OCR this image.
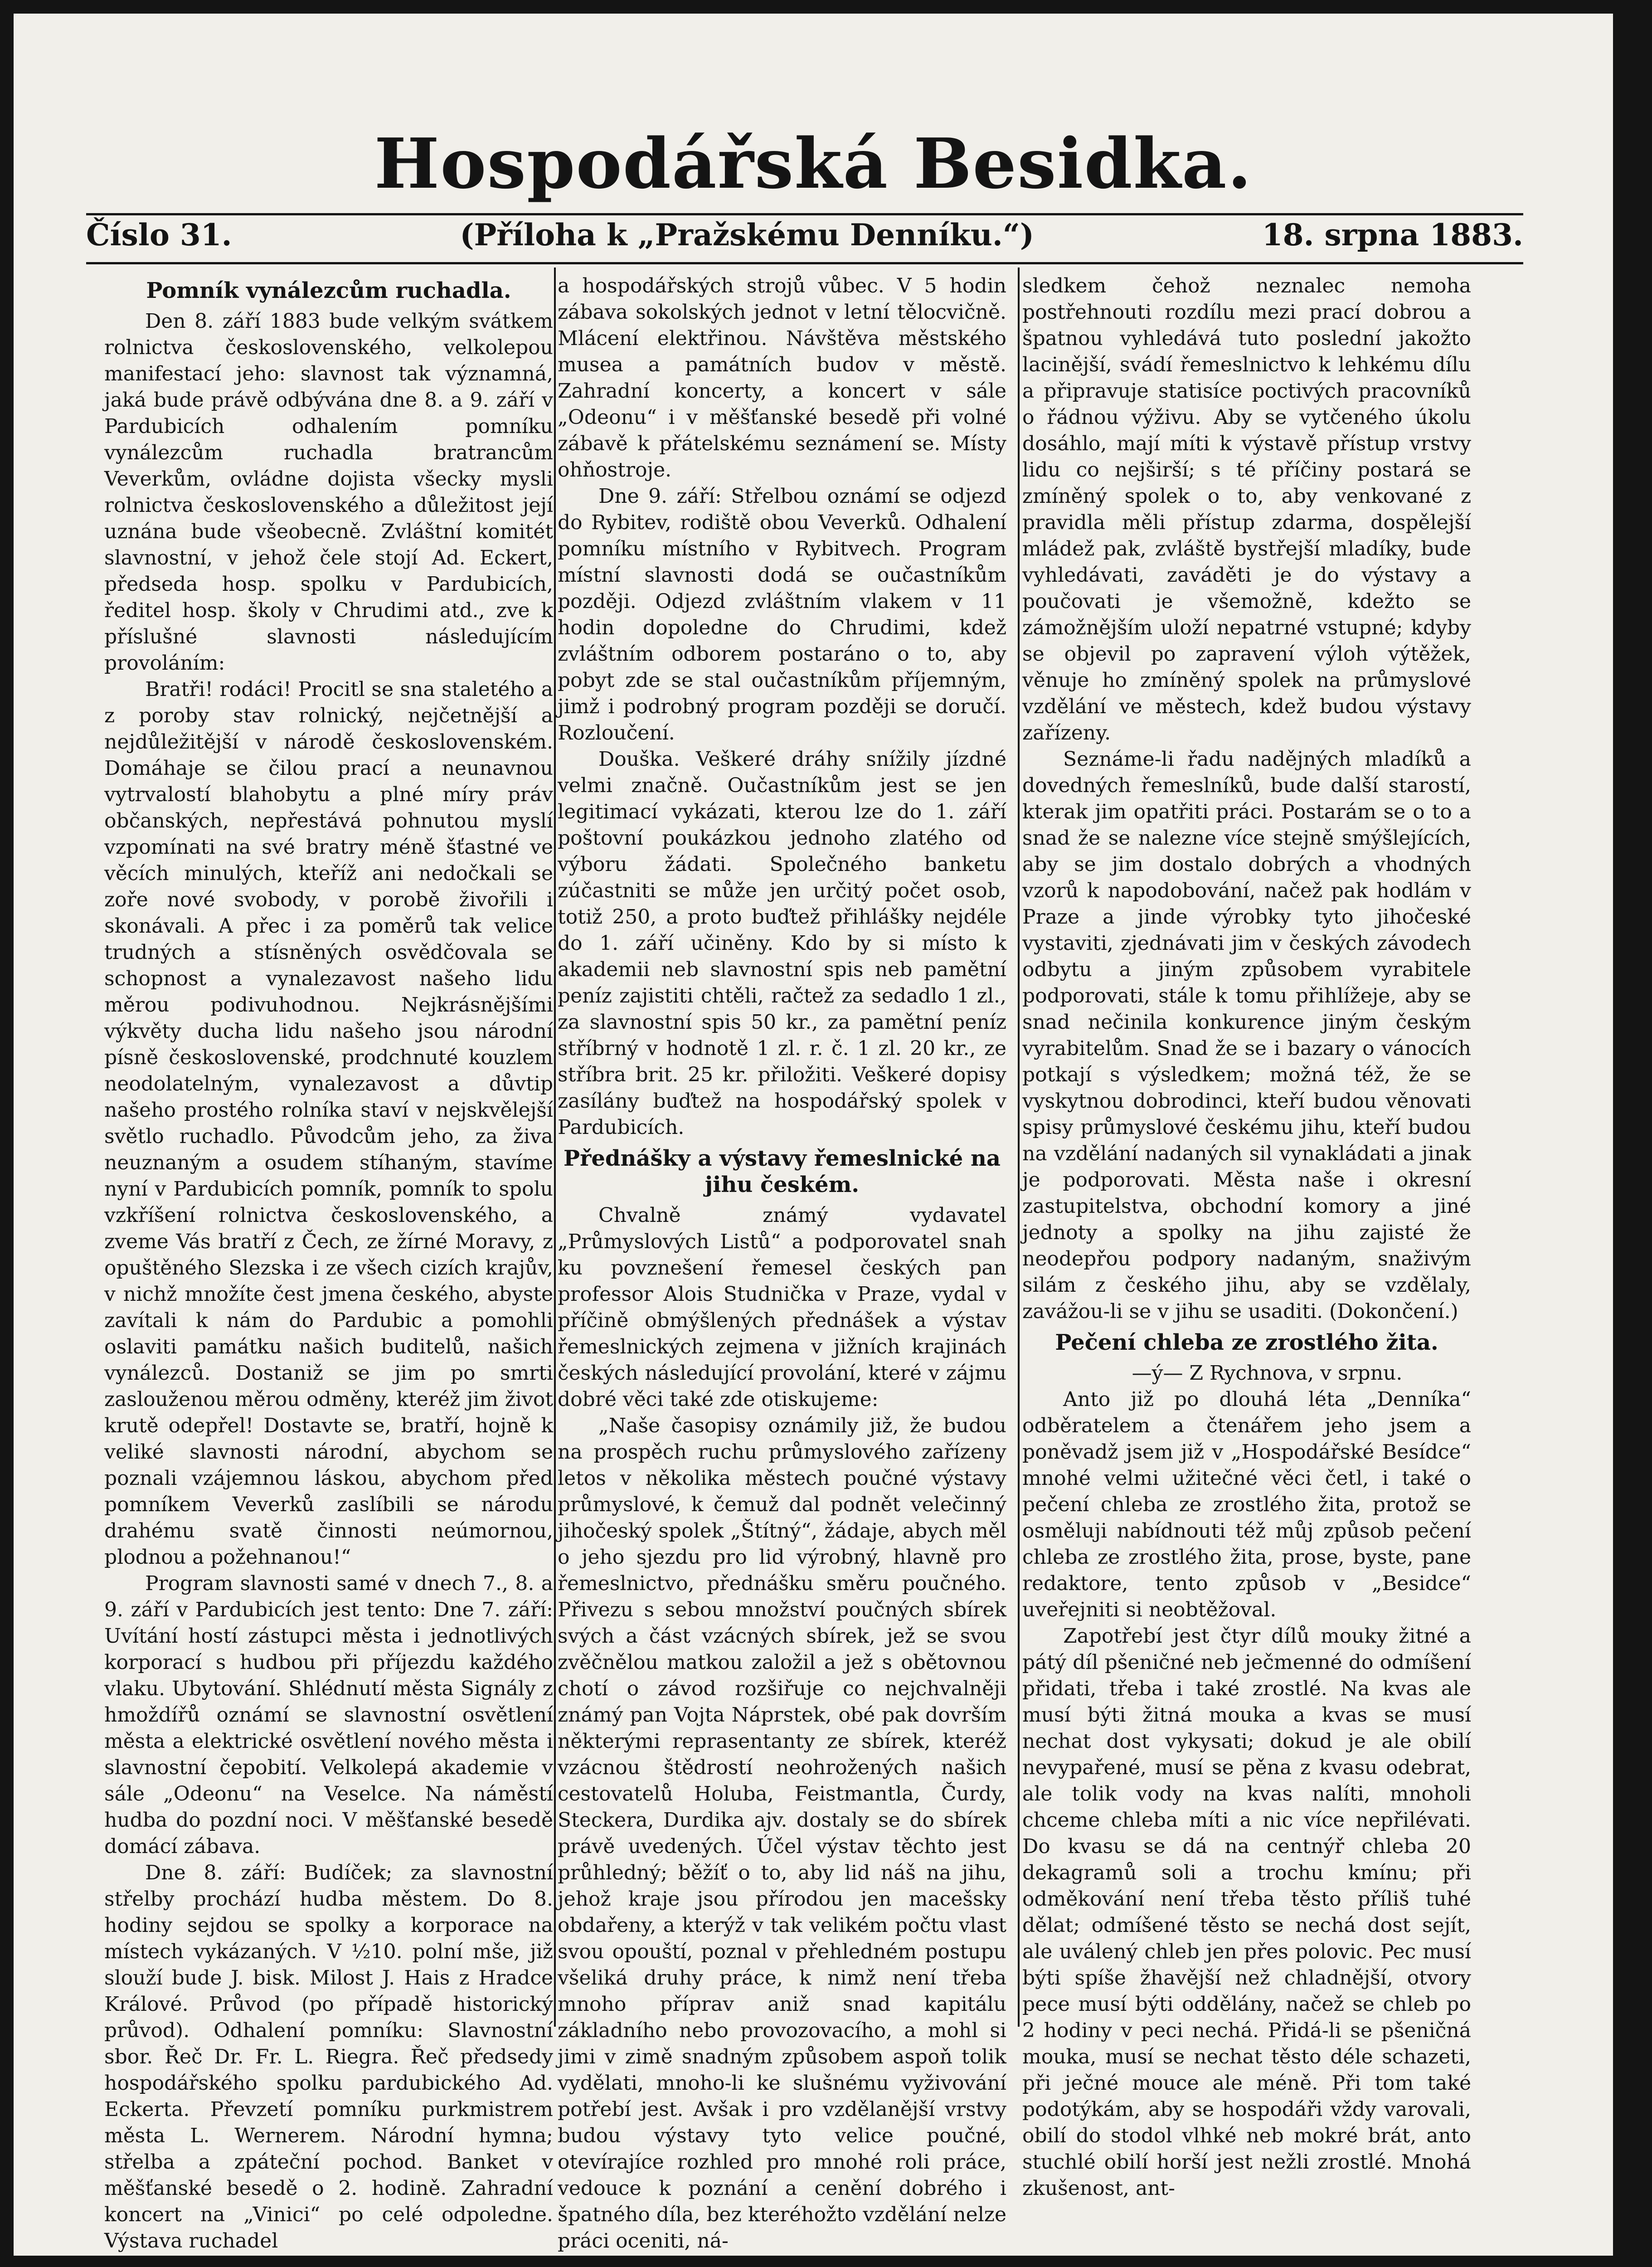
Hospodářská Besidka.
Číslo 31.	(Příloha k „Pražskému Denníku.“)	18. srpna 1883.
Pomník vynálezcům ruchadla.

Den 8. září 1883 bude velkým svátkem rolnictva československého, velkolepou manifestací jeho: slavnost tak významná, jaká bude právě odbývána dne 8. a 9. září v Pardubicích odhalením pomníku vynálezcům ruchadla bratrancům Veverkům, ovládne dojista všecky mysli rolnictva československého a důležitost její uznána bude všeobecně. Zvláštní komitét slavnostní, v jehož čele stojí Ad. Eckert, předseda hosp. spolku v Pardubicích, ředitel hosp. školy v Chrudimi atd., zve k příslušné slavnosti následujícím provoláním:

Bratři! rodáci! Procitl se sna staletého a z poroby stav rolnický, nejčetnější a nejdůležitější v národě československém. Domáhaje se čilou prací a neunavnou vytrvalostí blahobytu a plné míry práv občanských, nepřestává pohnutou myslí vzpomínati na své bratry méně šťastné ve věcích minulých, kteříž ani nedočkali se zoře nové svobody, v porobě živořili i skonávali. A přec i za poměrů tak velice trudných a stísněných osvědčovala se schopnost a vynalezavost našeho lidu měrou podivuhodnou. Nejkrásnějšími výkvěty ducha lidu našeho jsou národní písně československé, prodchnuté kouzlem neodolatelným, vynalezavost a důvtip našeho prostého rolníka staví v nejskvělejší světlo ruchadlo. Původcům jeho, za živa neuznaným a osudem stíhaným, stavíme nyní v Pardubicích pomník, pomník to spolu vzkříšení rolnictva československého, a zveme Vás bratří z Čech, ze žírné Moravy, z opuštěného Slezska i ze všech cizích krajův, v nichž množíte čest jmena českého, abyste zavítali k nám do Pardubic a pomohli oslaviti památku našich buditelů, našich vynálezců. Dostaniž se jim po smrti zaslouženou měrou odměny, kteréž jim život krutě odepřel! Dostavte se, bratří, hojně k veliké slavnosti národní, abychom se poznali vzájemnou láskou, abychom před pomníkem Veverků zaslíbili se národu drahému svatě činnosti neúmornou, plodnou a požehnanou!“

Program slavnosti samé v dnech 7., 8. a 9. září v Pardubicích jest tento: Dne 7. září: Uvítání hostí zástupci města i jednotlivých korporací s hudbou při příjezdu každého vlaku. Ubytování. Shlédnutí města Signály z hmoždířů oznámí se slavnostní osvětlení města a elektrické osvětlení nového města i slavnostní čepobití. Velkolepá akademie v sále „Odeonu“ na Veselce. Na náměstí hudba do pozdní noci. V měšťanské besedě domácí zábava.

Dne 8. září: Budíček; za slavnostní střelby prochází hudba městem. Do 8. hodiny sejdou se spolky a korporace na místech vykázaných. V ½10. polní mše, již slouží bude J. bisk. Milost J. Hais z Hradce Králové. Průvod (po případě historický průvod). Odhalení pomníku: Slavnostní sbor. Řeč Dr. Fr. L. Riegra. Řeč předsedy hospodářského spolku pardubického Ad. Eckerta. Převzetí pomníku purkmistrem města L. Wernerem. Národní hymna; střelba a zpáteční pochod. Banket v měšťanské besedě o 2. hodině. Zahradní koncert na „Vinici“ po celé odpoledne. Výstava ruchadel

a hospodářských strojů vůbec. V 5 hodin zábava sokolských jednot v letní tělocvičně. Mlácení elektřinou. Návštěva městského musea a památních budov v městě. Zahradní koncerty, a koncert v sále „Odeonu“ i v měšťanské besedě při volné zábavě k přátelskému seznámení se. Místy ohňostroje.

Dne 9. září: Střelbou oznámí se odjezd do Rybitev, rodiště obou Veverků. Odhalení pomníku místního v Rybitvech. Program místní slavnosti dodá se oučastníkům později. Odjezd zvláštním vlakem v 11 hodin dopoledne do Chrudimi, kdež zvláštním odborem postaráno o to, aby pobyt zde se stal oučastníkům příjemným, jimž i podrobný program později se doručí. Rozloučení.

Douška. Veškeré dráhy snížily jízdné velmi značně. Oučastníkům jest se jen legitimací vykázati, kterou lze do 1. září poštovní poukázkou jednoho zlatého od výboru žádati. Společného banketu zúčastniti se může jen určitý počet osob, totiž 250, a proto buďtež přihlášky nejdéle do 1. září učiněny. Kdo by si místo k akademii neb slavnostní spis neb pamětní peníz zajistiti chtěli, račtež za sedadlo 1 zl., za slavnostní spis 50 kr., za pamětní peníz stříbrný v hodnotě 1 zl. r. č. 1 zl. 20 kr., ze stříbra brit. 25 kr. přiložiti. Veškeré dopisy zasílány buďtež na hospodářský spolek v Pardubicích.

Přednášky a výstavy řemeslnické na jihu českém.

Chvalně známý vydavatel „Průmyslových Listů“ a podporovatel snah ku povznešení řemesel českých pan professor Alois Studnička v Praze, vydal v příčině obmýšlených přednášek a výstav řemeslnických zejmena v jižních krajinách českých následující provolání, které v zájmu dobré věci také zde otiskujeme:

„Naše časopisy oznámily již, že budou na prospěch ruchu průmyslového zařízeny letos v několika městech poučné výstavy průmyslové, k čemuž dal podnět velečinný jihočeský spolek „Štítný“, žádaje, abych měl o jeho sjezdu pro lid výrobný, hlavně pro řemeslnictvo, přednášku směru poučného. Přivezu s sebou množství poučných sbírek svých a část vzácných sbírek, jež se svou zvěčnělou matkou založil a jež s obětovnou chotí o závod rozšiřuje co nejchvalněji známý pan Vojta Náprstek, obé pak dovrším některými reprasentanty ze sbírek, kteréž vzácnou štědrostí neohrožených našich cestovatelů Holuba, Feistmantla, Čurdy, Steckera, Durdika ajv. dostaly se do sbírek právě uvedených. Účel výstav těchto jest průhledný; běžíť o to, aby lid náš na jihu, jehož kraje jsou přírodou jen macešsky obdařeny, a kterýž v tak velikém počtu vlast svou opouští, poznal v přehledném postupu všeliká druhy práce, k nimž není třeba mnoho příprav aniž snad kapitálu základního nebo provozovacího, a mohl si jimi v zimě snadným způsobem aspoň tolik vydělati, mnoho-li ke slušnému vyživování potřebí jest. Avšak i pro vzdělanější vrstvy budou výstavy tyto velice poučné, otevírajíce rozhled pro mnohé roli práce, vedouce k poznání a cenění dobrého i špatného díla, bez kteréhožto vzdělání nelze práci oceniti, ná-

sledkem čehož neznalec nemoha postřehnouti rozdílu mezi prací dobrou a špatnou vyhledává tuto poslední jakožto lacinější, svádí řemeslnictvo k lehkému dílu a připravuje statisíce poctivých pracovníků o řádnou výživu. Aby se vytčeného úkolu dosáhlo, mají míti k výstavě přístup vrstvy lidu co nejširší; s té příčiny postará se zmíněný spolek o to, aby venkované z pravidla měli přístup zdarma, dospělejší mládež pak, zvláště bystřejší mladíky, bude vyhledávati, zaváděti je do výstavy a poučovati je všemožně, kdežto se zámožnějším uloží nepatrné vstupné; kdyby se objevil po zapravení výloh výtěžek, věnuje ho zmíněný spolek na průmyslové vzdělání ve městech, kdež budou výstavy zařízeny.

Seznáme-li řadu nadějných mladíků a dovedných řemeslníků, bude další starostí, kterak jim opatřiti práci. Postarám se o to a snad že se nalezne více stejně smýšlejících, aby se jim dostalo dobrých a vhodných vzorů k napodobování, načež pak hodlám v Praze a jinde výrobky tyto jihočeské vystaviti, zjednávati jim v českých závodech odbytu a jiným způsobem vyrabitele podporovati, stále k tomu přihlížeje, aby se snad nečinila konkurence jiným českým vyrabitelům. Snad že se i bazary o vánocích potkají s výsledkem; možná též, že se vyskytnou dobrodinci, kteří budou věnovati spisy průmyslové českému jihu, kteří budou na vzdělání nadaných sil vynakládati a jinak je podporovati. Města naše i okresní zastupitelstva, obchodní komory a jiné jednoty a spolky na jihu zajisté že neodepřou podpory nadaným, snaživým silám z českého jihu, aby se vzdělaly, zavážou-li se v jihu se usaditi. (Dokončení.)

Pečení chleba ze zrostlého žita.

—ý— Z Rychnova, v srpnu.

Anto již po dlouhá léta „Denníka“ odběratelem a čtenářem jeho jsem a poněvadž jsem již v „Hospodářské Besídce“ mnohé velmi užitečné věci četl, i také o pečení chleba ze zrostlého žita, protož se osměluji nabídnouti též můj způsob pečení chleba ze zrostlého žita, prose, byste, pane redaktore, tento způsob v „Besidce“ uveřejniti si neobtěžoval.

Zapotřebí jest čtyr dílů mouky žitné a pátý díl pšeničné neb ječmenné do odmíšení přidati, třeba i také zrostlé. Na kvas ale musí býti žitná mouka a kvas se musí nechat dost vykysati; dokud je ale obilí nevypařené, musí se pěna z kvasu odebrat, ale tolik vody na kvas nalíti, mnoholi chceme chleba míti a nic více nepřilévati. Do kvasu se dá na centnýř chleba 20 dekagramů soli a trochu kmínu; při odměkování není třeba těsto příliš tuhé dělat; odmíšené těsto se nechá dost sejít, ale uválený chleb jen přes polovic. Pec musí býti spíše žhavější než chladnější, otvory pece musí býti oddělány, načež se chleb po 2 hodiny v peci nechá. Přidá-li se pšeničná mouka, musí se nechat těsto déle schazeti, při ječné mouce ale méně. Při tom také podotýkám, aby se hospodáři vždy varovali, obilí do stodol vlhké neb mokré brát, anto stuchlé obilí horší jest nežli zrostlé. Mnohá zkušenost, ant-
